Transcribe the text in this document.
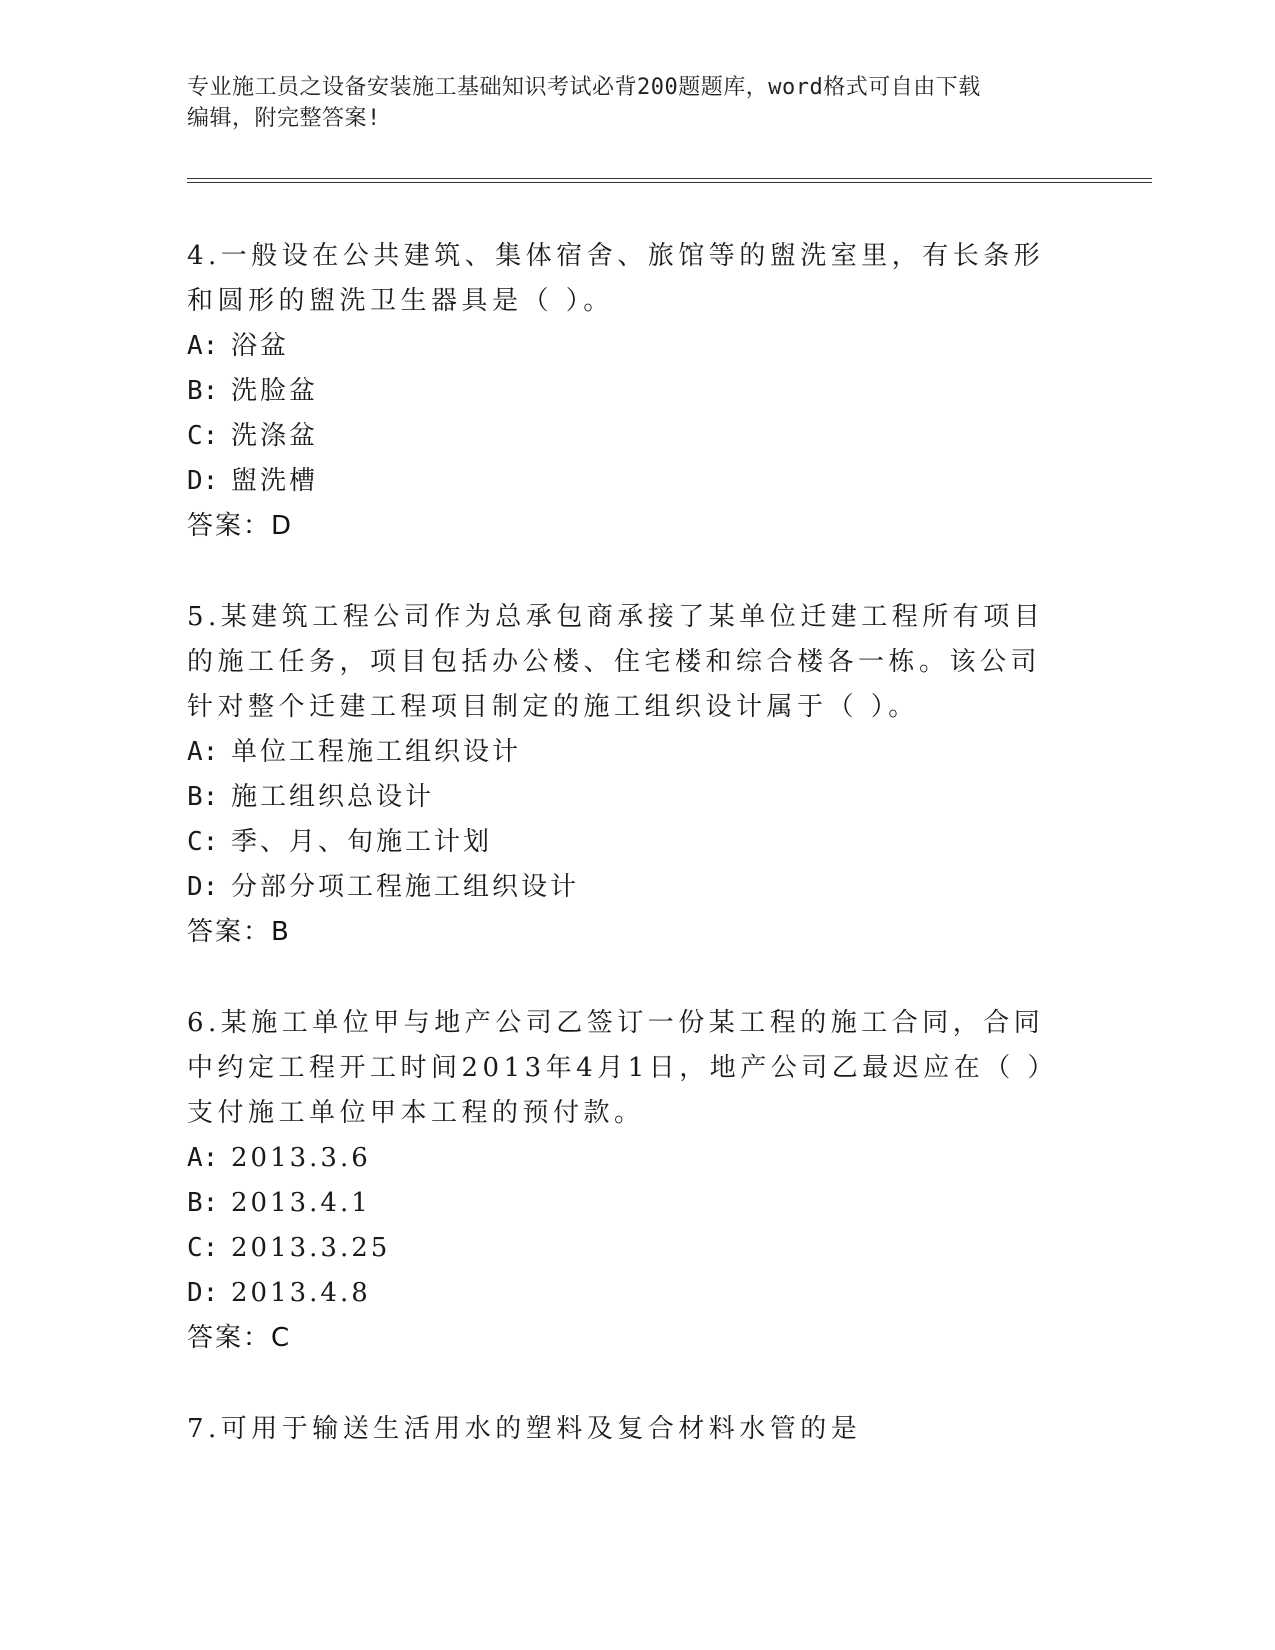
专业施工员之设备安装施工基础知识考试必背200题题库，word格式可自由下载
编辑，附完整答案!
4.一般设在公共建筑、集体宿舍、旅馆等的盥洗室里，有长条形和圆形的盥洗卫生器具是（ ）。
A: 浴盆
B: 洗脸盆
C: 洗涤盆
D: 盥洗槽
答案：D
5.某建筑工程公司作为总承包商承接了某单位迁建工程所有项目的施工任务，项目包括办公楼、住宅楼和综合楼各一栋。该公司针对整个迁建工程项目制定的施工组织设计属于（ ）。
A: 单位工程施工组织设计
B: 施工组织总设计
C: 季、月、旬施工计划
D: 分部分项工程施工组织设计
答案：B
6.某施工单位甲与地产公司乙签订一份某工程的施工合同，合同中约定工程开工时间2013年4月1日，地产公司乙最迟应在（ ）支付施工单位甲本工程的预付款。
A: 2013.3.6
B: 2013.4.1
C: 2013.3.25
D: 2013.4.8
答案：C
7.可用于输送生活用水的塑料及复合材料水管的是
